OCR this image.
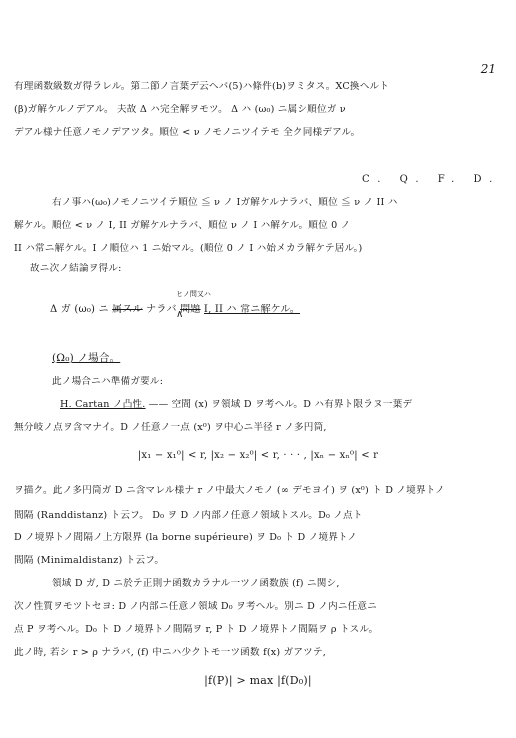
21
有理函数級数ガ得ラレル。第二節ノ言葉デ云ヘバ(5)ハ條件(b)ヲミタス。XC換ヘルト
(β)ガ解ケルノデアル。 夫故 Δ ハ完全解ヲモツ。 Δ ハ (ω₀) ニ属シ順位ガ ν
デアル様ナ任意ノモノデアツタ。順位 < ν ノモノニツイテモ 全ク同様デアル。
C. Q. F. D.
右ノ事ハ(ω₀)ノモノニツイテ順位 ≦ ν ノ Iガ解ケルナラバ、順位 ≦ ν ノ II ハ
解ケル。順位 < ν ノ I, II ガ解ケルナラバ、順位 ν ノ I ハ解ケル。順位 0 ノ
II ハ常ニ解ケル。I ノ順位ハ 1 ニ始マル。(順位 0 ノ I ハ始メカラ解ケテ居ル。)
故ニ次ノ結論ヲ得ル:
ヒノ問又ハ
∧
Δ ガ (ω₀) ニ 属スル ナラバ 問題 I, II ハ 常ニ解ケル。
(Ω₀) ノ場合。
此ノ場合ニハ準備ガ要ル:
H. Cartan ノ凸性. —— 空間 (x) ヲ領域 D ヲ考ヘル。D ハ有界ト限ラヌ一葉デ
無分岐ノ点ヲ含マナイ。D ノ任意ノ一点 (x⁰) ヲ中心ニ半径 r ノ多円筒,
|x₁ − x₁⁰| < r, |x₂ − x₂⁰| < r, · · · , |xₙ − xₙ⁰| < r
ヲ描ク。此ノ多円筒ガ D ニ含マレル様ナ r ノ中最大ノモノ (∞ デモヨイ) ヲ (x⁰) ト D ノ境界トノ
間隔 (Randdistanz) ト云フ。 D₀ ヲ D ノ内部ノ任意ノ領域トスル。D₀ ノ点ト
D ノ境界トノ間隔ノ上方限界 (la borne supérieure) ヲ D₀ ト D ノ境界トノ
間隔 (Minimaldistanz) ト云フ。
領域 D ガ, D ニ於テ正則ナ函数カラナル一ツノ函数族 (f) ニ関シ,
次ノ性質ヲモツトセヨ: D ノ内部ニ任意ノ領域 D₀ ヲ考ヘル。別ニ D ノ内ニ任意ニ
点 P ヲ考ヘル。D₀ ト D ノ境界トノ間隔ヲ r, P ト D ノ境界トノ間隔ヲ ρ トスル。
此ノ時, 若シ r > ρ ナラバ, (f) 中ニハ少クトモ一ツ函数 f(x) ガアツテ,
|f(P)| > max |f(D₀)|
